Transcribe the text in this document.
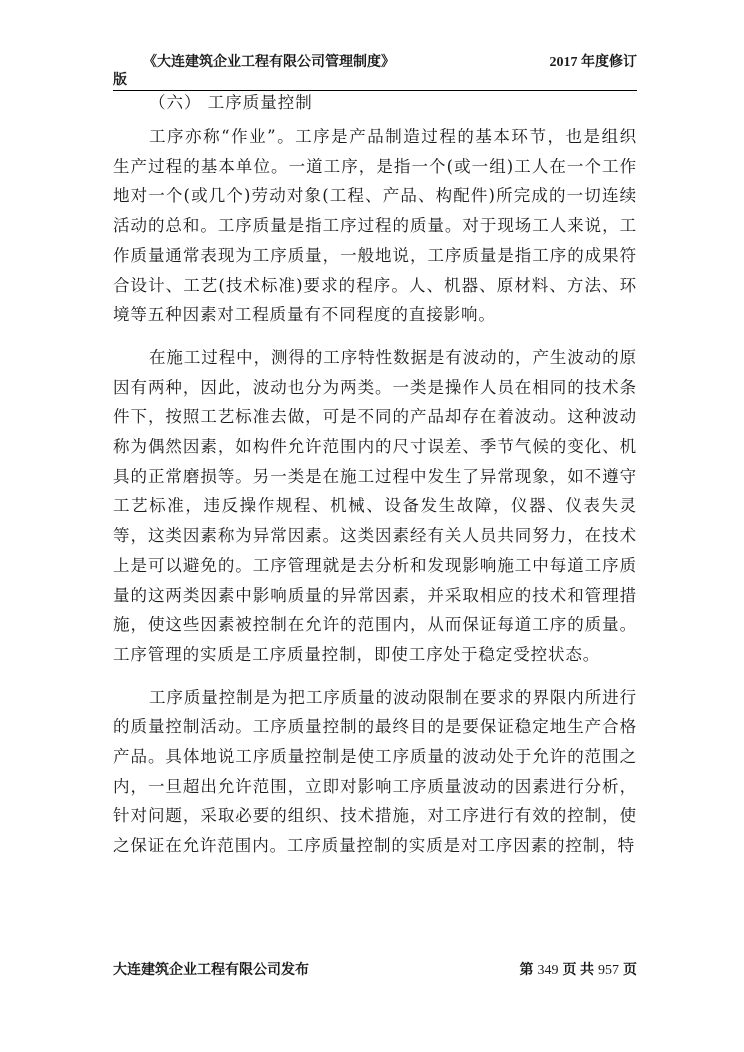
《大连建筑企业工程有限公司管理制度》	2017 年度修订
版
（六） 工序质量控制

工序亦称“作业”。工序是产品制造过程的基本环节，也是组织生产过程的基本单位。一道工序，是指一个(或一组)工人在一个工作地对一个(或几个)劳动对象(工程、产品、构配件)所完成的一切连续活动的总和。工序质量是指工序过程的质量。对于现场工人来说，工作质量通常表现为工序质量，一般地说，工序质量是指工序的成果符合设计、工艺(技术标准)要求的程序。人、机器、原材料、方法、环境等五种因素对工程质量有不同程度的直接影响。

在施工过程中，测得的工序特性数据是有波动的，产生波动的原因有两种，因此，波动也分为两类。一类是操作人员在相同的技术条件下，按照工艺标准去做，可是不同的产品却存在着波动。这种波动称为偶然因素，如构件允许范围内的尺寸误差、季节气候的变化、机具的正常磨损等。另一类是在施工过程中发生了异常现象，如不遵守工艺标准，违反操作规程、机械、设备发生故障，仪器、仪表失灵等，这类因素称为异常因素。这类因素经有关人员共同努力，在技术上是可以避免的。工序管理就是去分析和发现影响施工中每道工序质量的这两类因素中影响质量的异常因素，并采取相应的技术和管理措施，使这些因素被控制在允许的范围内，从而保证每道工序的质量。工序管理的实质是工序质量控制，即使工序处于稳定受控状态。

工序质量控制是为把工序质量的波动限制在要求的界限内所进行的质量控制活动。工序质量控制的最终目的是要保证稳定地生产合格产品。具体地说工序质量控制是使工序质量的波动处于允许的范围之内，一旦超出允许范围，立即对影响工序质量波动的因素进行分析，针对问题，采取必要的组织、技术措施，对工序进行有效的控制，使之保证在允许范围内。工序质量控制的实质是对工序因素的控制，特

大连建筑企业工程有限公司发布	第 349 页 共 957 页
